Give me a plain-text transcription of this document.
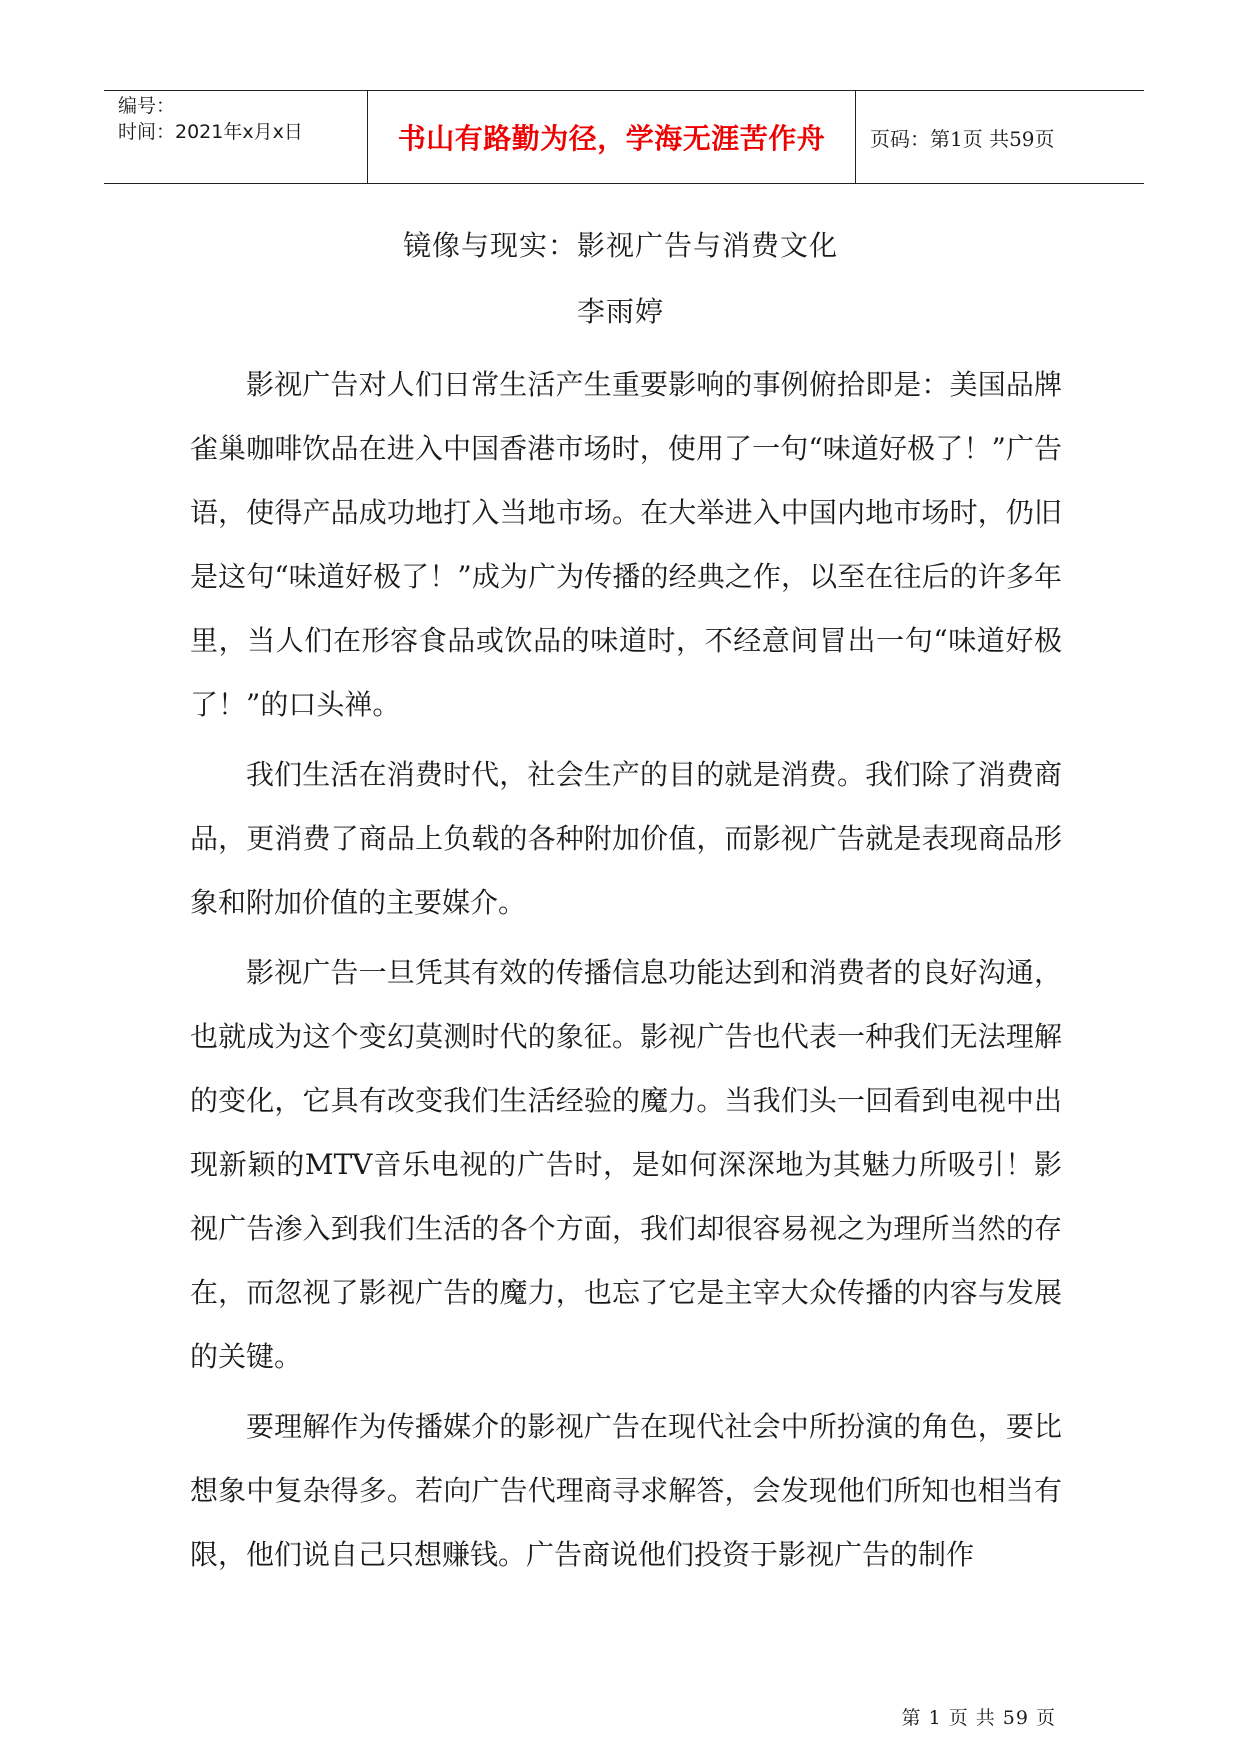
编号：
时间：2021年x月x日	书山有路勤为径，学海无涯苦作舟	页码：第1页 共59页
镜像与现实：影视广告与消费文化
李雨婷

影视广告对人们日常生活产生重要影响的事例俯拾即是：美国品牌雀巢咖啡饮品在进入中国香港市场时，使用了一句“味道好极了！”广告语，使得产品成功地打入当地市场。在大举进入中国内地市场时，仍旧是这句“味道好极了！”成为广为传播的经典之作，以至在往后的许多年里，当人们在形容食品或饮品的味道时，不经意间冒出一句“味道好极了！”的口头禅。

我们生活在消费时代，社会生产的目的就是消费。我们除了消费商品，更消费了商品上负载的各种附加价值，而影视广告就是表现商品形象和附加价值的主要媒介。

影视广告一旦凭其有效的传播信息功能达到和消费者的良好沟通，也就成为这个变幻莫测时代的象征。影视广告也代表一种我们无法理解的变化，它具有改变我们生活经验的魔力。当我们头一回看到电视中出现新颖的MTV音乐电视的广告时，是如何深深地为其魅力所吸引！影视广告渗入到我们生活的各个方面，我们却很容易视之为理所当然的存在，而忽视了影视广告的魔力，也忘了它是主宰大众传播的内容与发展的关键。

要理解作为传播媒介的影视广告在现代社会中所扮演的角色，要比想象中复杂得多。若向广告代理商寻求解答，会发现他们所知也相当有限，他们说自己只想赚钱。广告商说他们投资于影视广告的制作

第 1 页 共 59 页
